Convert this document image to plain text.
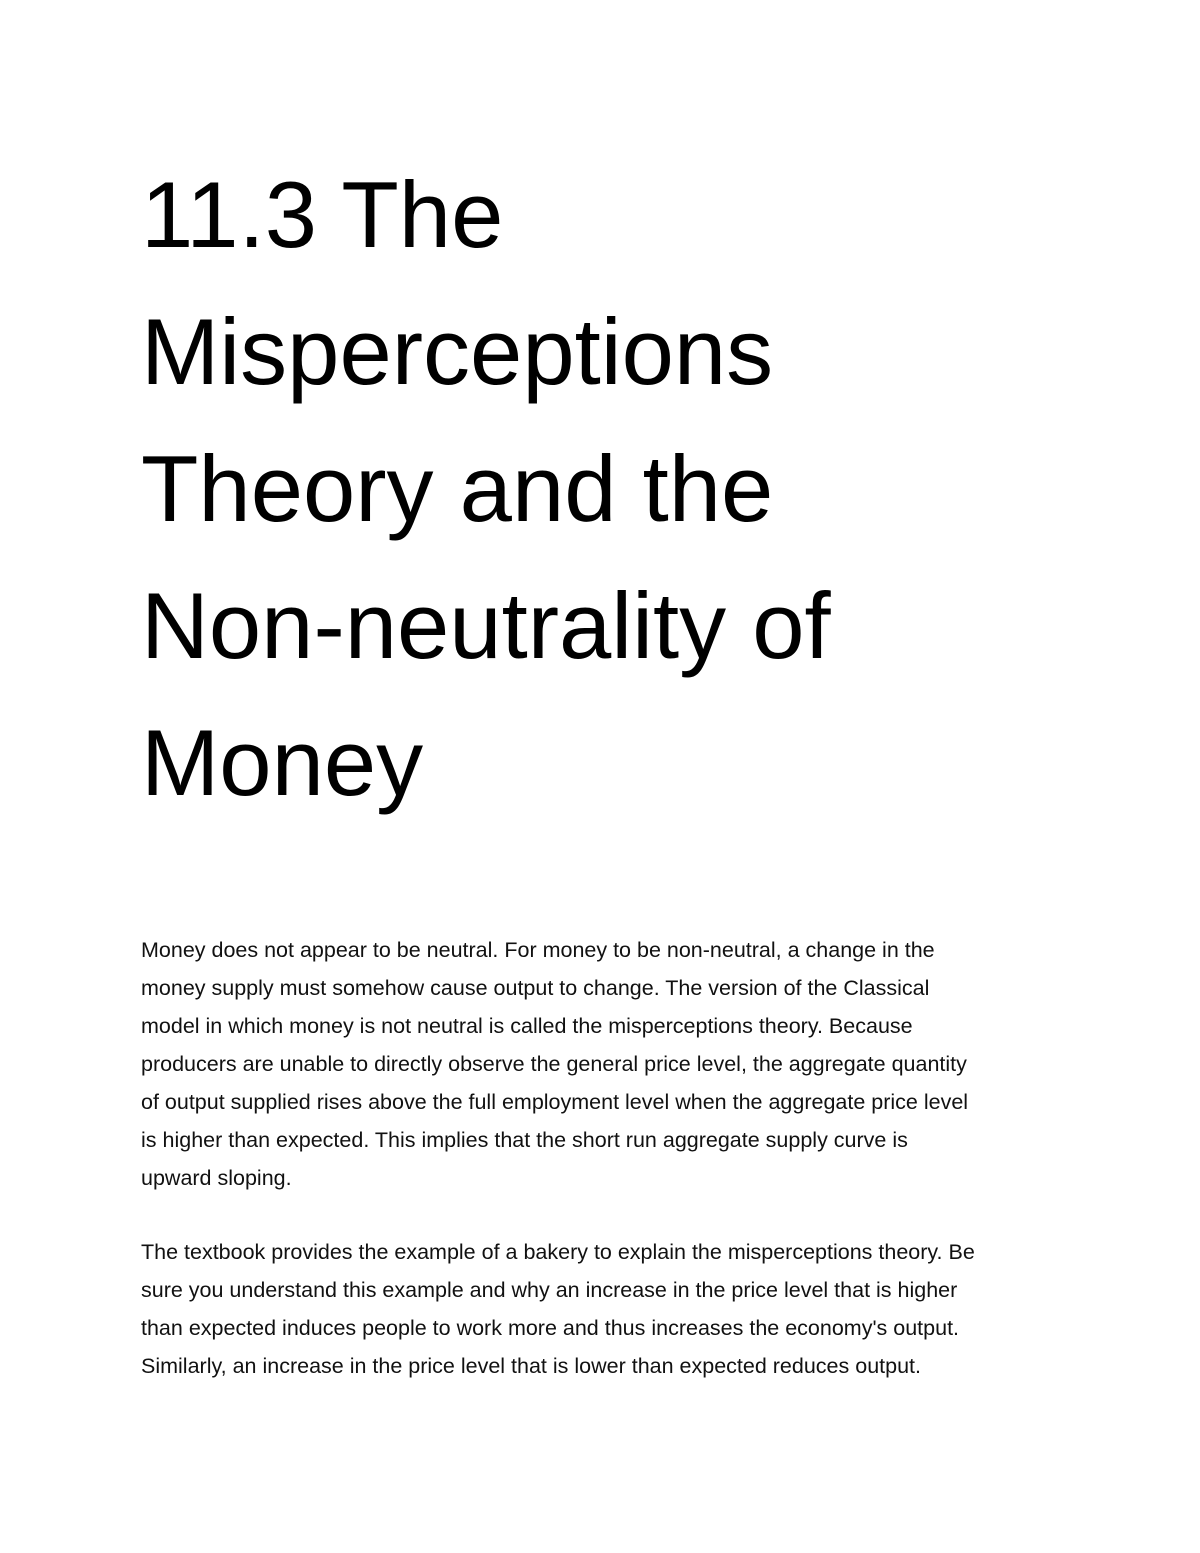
11.3 The
Misperceptions
Theory and the
Non-neutrality of
Money

Money does not appear to be neutral. For money to be non-neutral, a change in the
money supply must somehow cause output to change. The version of the Classical
model in which money is not neutral is called the misperceptions theory. Because
producers are unable to directly observe the general price level, the aggregate quantity
of output supplied rises above the full employment level when the aggregate price level
is higher than expected. This implies that the short run aggregate supply curve is
upward sloping.

The textbook provides the example of a bakery to explain the misperceptions theory. Be
sure you understand this example and why an increase in the price level that is higher
than expected induces people to work more and thus increases the economy's output.
Similarly, an increase in the price level that is lower than expected reduces output.
